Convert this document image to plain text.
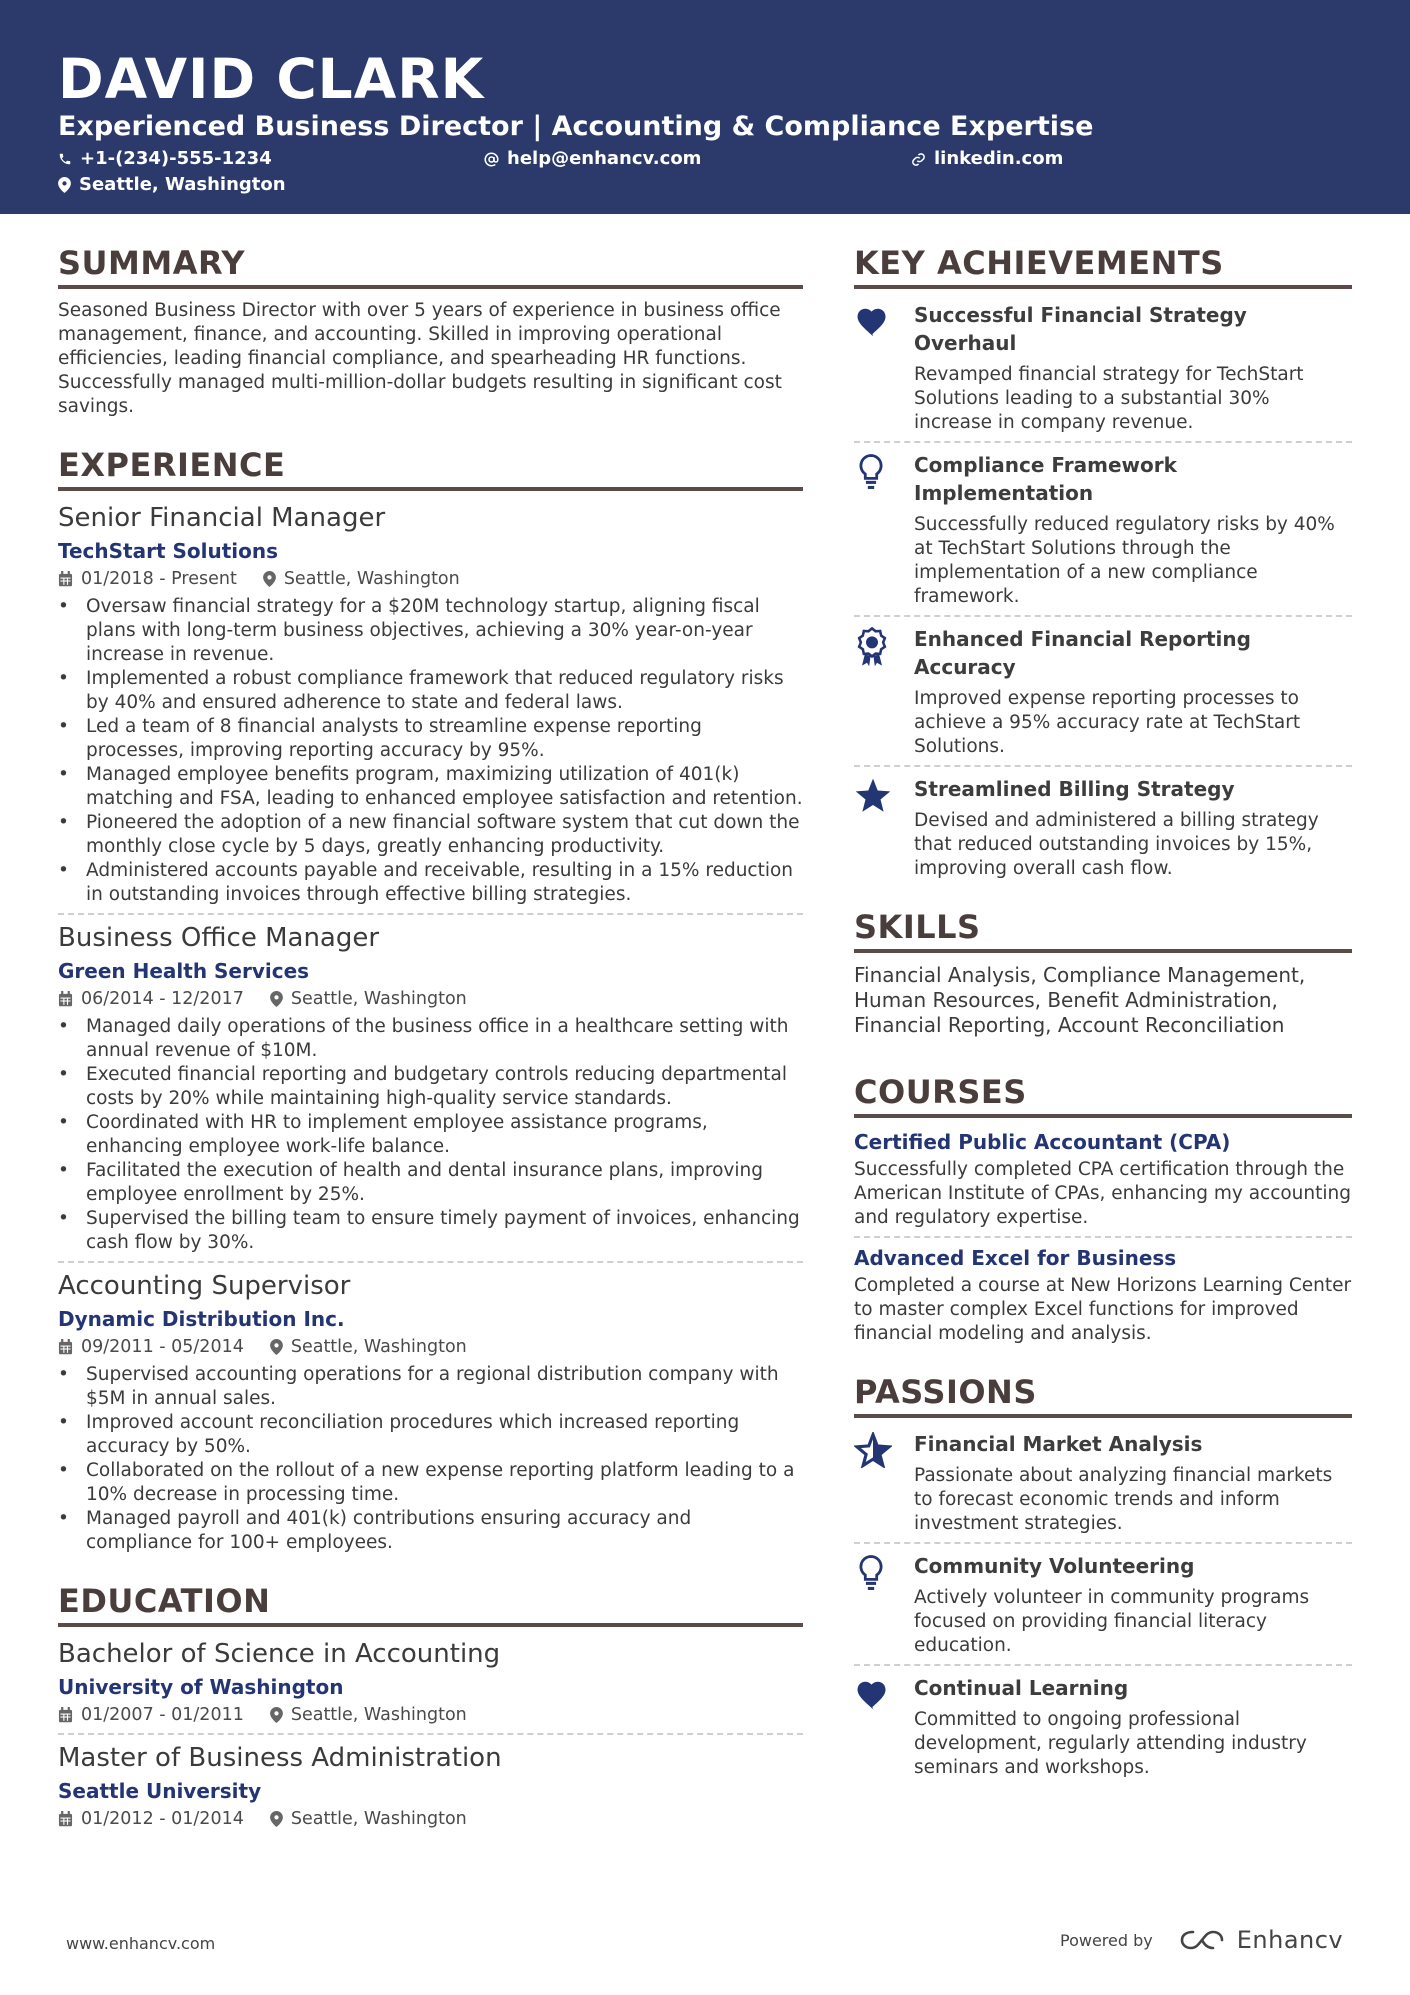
DAVID CLARK
Experienced Business Director | Accounting & Compliance Expertise
+1-(234)-555-1234	help@enhancv.com	linkedin.com
Seattle, Washington
SUMMARY
Seasoned Business Director with over 5 years of experience in business office management, finance, and accounting. Skilled in improving operational efficiencies, leading financial compliance, and spearheading HR functions. Successfully managed multi-million-dollar budgets resulting in significant cost savings.
EXPERIENCE
Senior Financial Manager
TechStart Solutions
01/2018 - Present	Seattle, Washington
• Oversaw financial strategy for a $20M technology startup, aligning fiscal plans with long-term business objectives, achieving a 30% year-on-year increase in revenue.
• Implemented a robust compliance framework that reduced regulatory risks by 40% and ensured adherence to state and federal laws.
• Led a team of 8 financial analysts to streamline expense reporting processes, improving reporting accuracy by 95%.
• Managed employee benefits program, maximizing utilization of 401(k) matching and FSA, leading to enhanced employee satisfaction and retention.
• Pioneered the adoption of a new financial software system that cut down the monthly close cycle by 5 days, greatly enhancing productivity.
• Administered accounts payable and receivable, resulting in a 15% reduction in outstanding invoices through effective billing strategies.
Business Office Manager
Green Health Services
06/2014 - 12/2017	Seattle, Washington
• Managed daily operations of the business office in a healthcare setting with annual revenue of $10M.
• Executed financial reporting and budgetary controls reducing departmental costs by 20% while maintaining high-quality service standards.
• Coordinated with HR to implement employee assistance programs, enhancing employee work-life balance.
• Facilitated the execution of health and dental insurance plans, improving employee enrollment by 25%.
• Supervised the billing team to ensure timely payment of invoices, enhancing cash flow by 30%.
Accounting Supervisor
Dynamic Distribution Inc.
09/2011 - 05/2014	Seattle, Washington
• Supervised accounting operations for a regional distribution company with $5M in annual sales.
• Improved account reconciliation procedures which increased reporting accuracy by 50%.
• Collaborated on the rollout of a new expense reporting platform leading to a 10% decrease in processing time.
• Managed payroll and 401(k) contributions ensuring accuracy and compliance for 100+ employees.
EDUCATION
Bachelor of Science in Accounting
University of Washington
01/2007 - 01/2011	Seattle, Washington
Master of Business Administration
Seattle University
01/2012 - 01/2014	Seattle, Washington
KEY ACHIEVEMENTS
Successful Financial Strategy Overhaul
Revamped financial strategy for TechStart Solutions leading to a substantial 30% increase in company revenue.
Compliance Framework Implementation
Successfully reduced regulatory risks by 40% at TechStart Solutions through the implementation of a new compliance framework.
Enhanced Financial Reporting Accuracy
Improved expense reporting processes to achieve a 95% accuracy rate at TechStart Solutions.
Streamlined Billing Strategy
Devised and administered a billing strategy that reduced outstanding invoices by 15%, improving overall cash flow.
SKILLS
Financial Analysis, Compliance Management, Human Resources, Benefit Administration, Financial Reporting, Account Reconciliation
COURSES
Certified Public Accountant (CPA)
Successfully completed CPA certification through the American Institute of CPAs, enhancing my accounting and regulatory expertise.
Advanced Excel for Business
Completed a course at New Horizons Learning Center to master complex Excel functions for improved financial modeling and analysis.
PASSIONS
Financial Market Analysis
Passionate about analyzing financial markets to forecast economic trends and inform investment strategies.
Community Volunteering
Actively volunteer in community programs focused on providing financial literacy education.
Continual Learning
Committed to ongoing professional development, regularly attending industry seminars and workshops.
www.enhancv.com	Powered by	Enhancv
